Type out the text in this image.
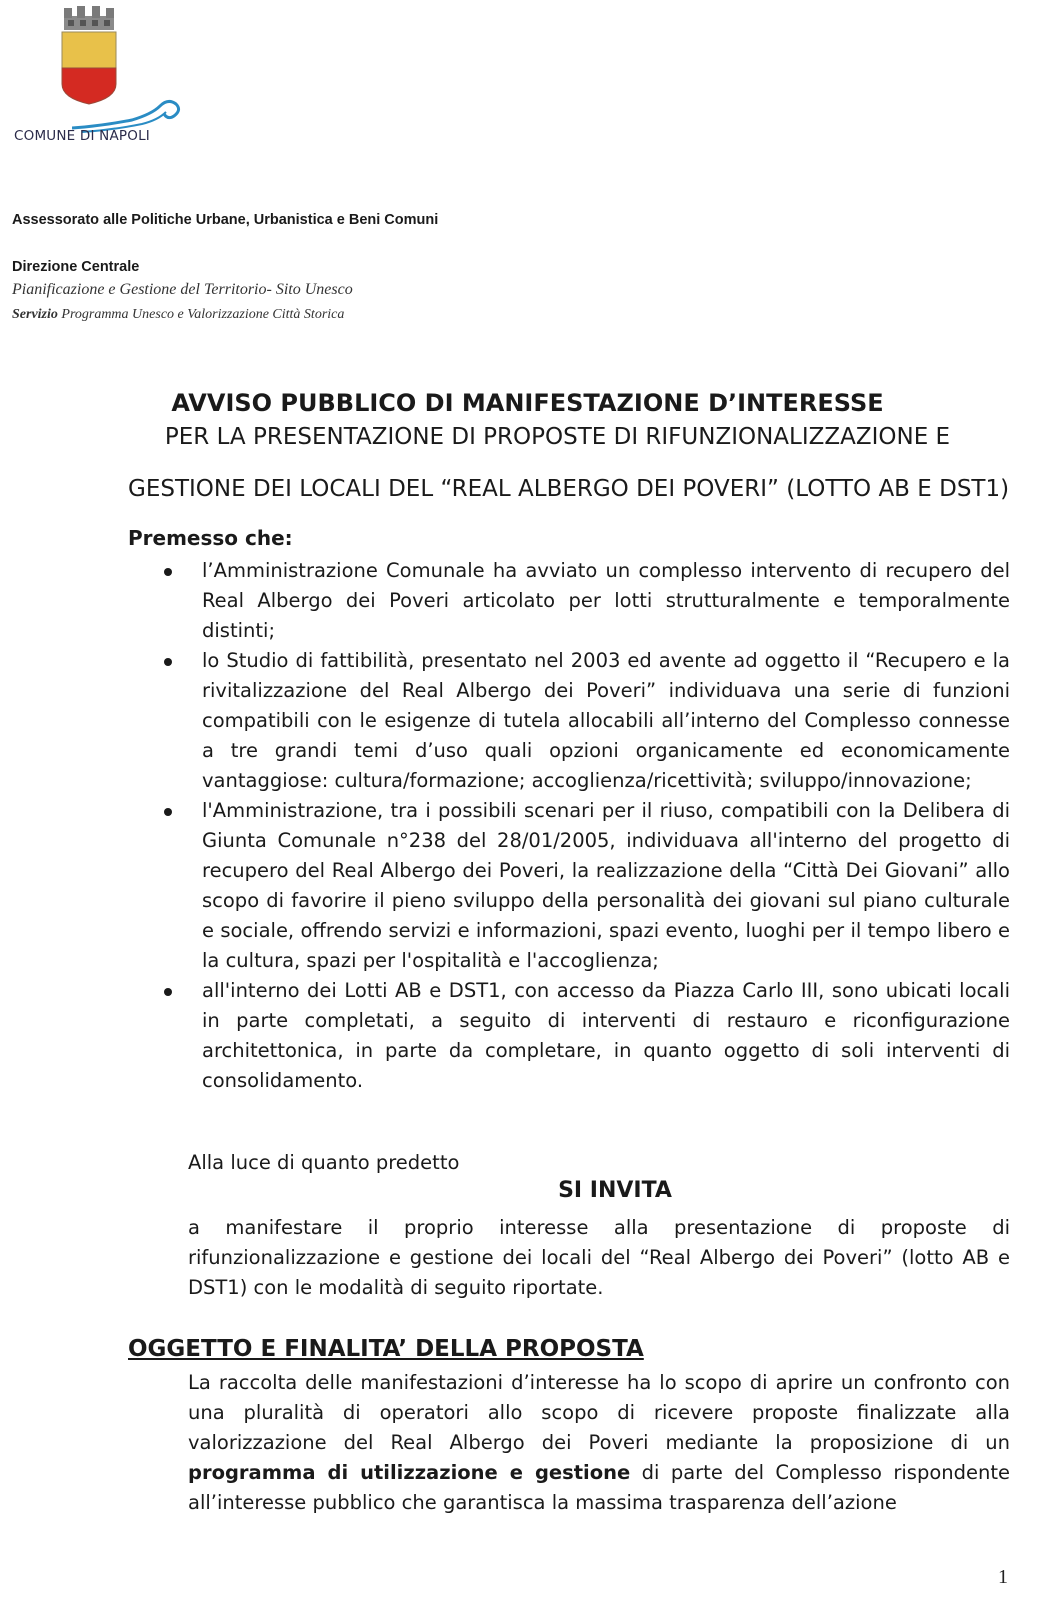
COMUNE DI NAPOLI
Assessorato alle Politiche Urbane, Urbanistica e Beni Comuni
Direzione Centrale
Pianificazione e Gestione del Territorio- Sito Unesco
Servizio Programma Unesco e Valorizzazione Città Storica
AVVISO PUBBLICO DI MANIFESTAZIONE D’INTERESSE
PER LA PRESENTAZIONE DI PROPOSTE DI RIFUNZIONALIZZAZIONE E
GESTIONE DEI LOCALI DEL “REAL ALBERGO DEI POVERI” (LOTTO AB E DST1)
Premesso che:
l’Amministrazione Comunale ha avviato un complesso intervento di recupero del Real Albergo dei Poveri articolato per lotti strutturalmente e temporalmente distinti;
lo Studio di fattibilità, presentato nel 2003 ed avente ad oggetto il “Recupero e la rivitalizzazione del Real Albergo dei Poveri” individuava una serie di funzioni compatibili con le esigenze di tutela allocabili all’interno del Complesso connesse a tre grandi temi d’uso quali opzioni organicamente ed economicamente vantaggiose: cultura/formazione; accoglienza/ricettività; sviluppo/innovazione;
l'Amministrazione, tra i possibili scenari per il riuso, compatibili con la Delibera di Giunta Comunale n°238 del 28/01/2005, individuava all'interno del progetto di recupero del Real Albergo dei Poveri, la realizzazione della “Città Dei Giovani” allo scopo di favorire il pieno sviluppo della personalità dei giovani sul piano culturale e sociale, offrendo servizi e informazioni, spazi evento, luoghi per il tempo libero e la cultura, spazi per l'ospitalità e l'accoglienza;
all'interno dei Lotti AB e DST1, con accesso da Piazza Carlo III, sono ubicati locali in parte completati, a seguito di interventi di restauro e riconfigurazione architettonica, in parte da completare, in quanto oggetto di soli interventi di consolidamento.
Alla luce di quanto predetto
SI INVITA
a manifestare il proprio interesse alla presentazione di proposte di rifunzionalizzazione e gestione dei locali del “Real Albergo dei Poveri” (lotto AB e DST1) con le modalità di seguito riportate.
OGGETTO E FINALITA’ DELLA PROPOSTA
La raccolta delle manifestazioni d’interesse ha lo scopo di aprire un confronto con una pluralità di operatori allo scopo di ricevere proposte finalizzate alla valorizzazione del Real Albergo dei Poveri mediante la proposizione di un programma di utilizzazione e gestione di parte del Complesso rispondente all’interesse pubblico che garantisca la massima trasparenza dell’azione
1
